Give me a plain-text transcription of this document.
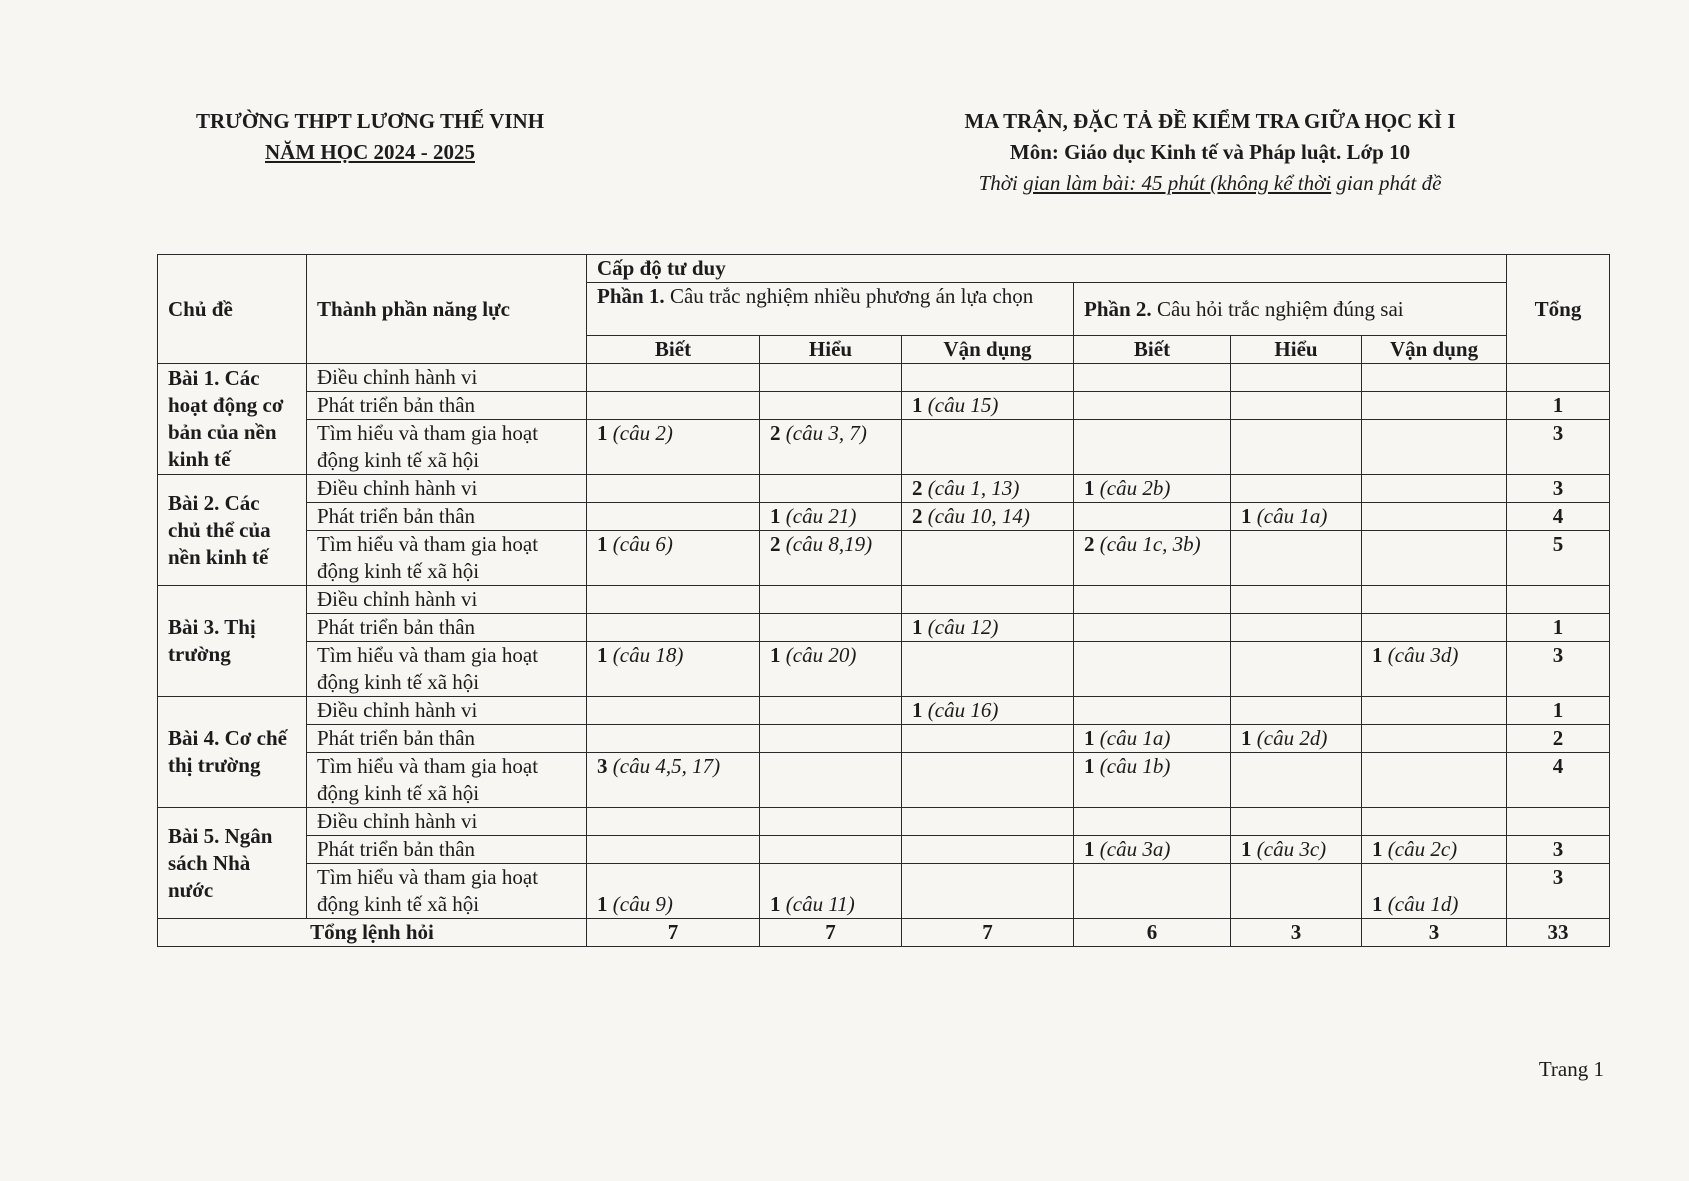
TRƯỜNG THPT LƯƠNG THẾ VINH
NĂM HỌC 2024 - 2025
MA TRẬN, ĐẶC TẢ ĐỀ KIỂM TRA GIỮA HỌC KÌ I
Môn: Giáo dục Kinh tế và Pháp luật. Lớp 10
Thời gian làm bài: 45 phút (không kể thời gian phát đề
Chủ đề	Thành phần năng lực	Cấp độ tư duy						Tổng
		Phần 1. Câu trắc nghiệm nhiều phương án lựa chọn			Phần 2. Câu hỏi trắc nghiệm đúng sai			
		Biết	Hiểu	Vận dụng	Biết	Hiểu	Vận dụng	
Bài 1. Các hoạt động cơ bản của nền kinh tế	Điều chỉnh hành vi							
	Phát triển bản thân			1 (câu 15)				1
	Tìm hiểu và tham gia hoạt động kinh tế xã hội	1 (câu 2)	2 (câu 3, 7)					3
Bài 2. Các chủ thể của nền kinh tế	Điều chỉnh hành vi			2 (câu 1, 13)	1 (câu 2b)			3
	Phát triển bản thân		1 (câu 21)	2 (câu 10, 14)		1 (câu 1a)		4
	Tìm hiểu và tham gia hoạt động kinh tế xã hội	1 (câu 6)	2 (câu 8,19)		2 (câu 1c, 3b)			5
Bài 3. Thị trường	Điều chỉnh hành vi							
	Phát triển bản thân			1 (câu 12)				1
	Tìm hiểu và tham gia hoạt động kinh tế xã hội	1 (câu 18)	1 (câu 20)				1 (câu 3d)	3
Bài 4. Cơ chế thị trường	Điều chỉnh hành vi			1 (câu 16)				1
	Phát triển bản thân				1 (câu 1a)	1 (câu 2d)		2
	Tìm hiểu và tham gia hoạt động kinh tế xã hội	3 (câu 4,5, 17)			1 (câu 1b)			4
Bài 5. Ngân sách Nhà nước	Điều chỉnh hành vi							
	Phát triển bản thân				1 (câu 3a)	1 (câu 3c)	1 (câu 2c)	3
	Tìm hiểu và tham gia hoạt động kinh tế xã hội	1 (câu 9)	1 (câu 11)				1 (câu 1d)	3
Tổng lệnh hỏi		7	7	7	6	3	3	33
Trang 1
